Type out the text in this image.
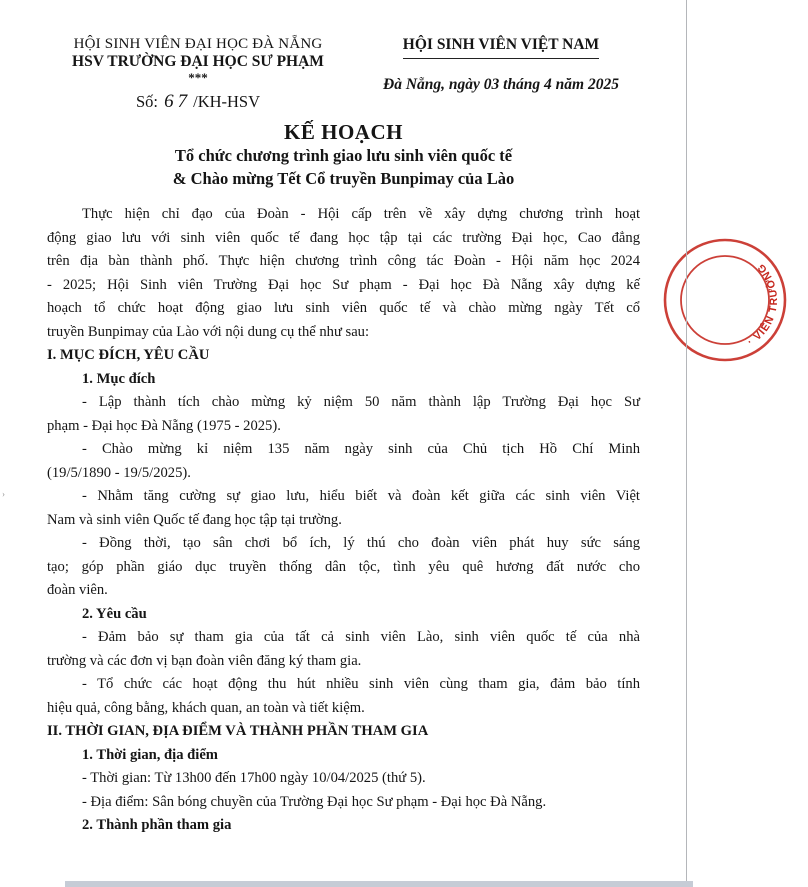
HỘI SINH VIÊN ĐẠI HỌC ĐÀ NẴNG
HSV TRƯỜNG ĐẠI HỌC SƯ PHẠM
***
Số: 67 /KH-HSV
HỘI SINH VIÊN VIỆT NAM
Đà Nẵng, ngày 03 tháng 4 năm 2025
KẾ HOẠCH
Tổ chức chương trình giao lưu sinh viên quốc tế
& Chào mừng Tết Cổ truyền Bunpimay của Lào
Thực hiện chỉ đạo của Đoàn - Hội cấp trên về xây dựng chương trình hoạt
động giao lưu với sinh viên quốc tế đang học tập tại các trường Đại học, Cao đẳng
trên địa bàn thành phố. Thực hiện chương trình công tác Đoàn - Hội năm học 2024
- 2025; Hội Sinh viên Trường Đại học Sư phạm - Đại học Đà Nẵng xây dựng kế
hoạch tổ chức hoạt động giao lưu sinh viên quốc tế và chào mừng ngày Tết cổ
truyền Bunpimay của Lào với nội dung cụ thể như sau:
I. MỤC ĐÍCH, YÊU CẦU
1. Mục đích
- Lập thành tích chào mừng kỷ niệm 50 năm thành lập Trường Đại học Sư
phạm - Đại học Đà Nẵng (1975 - 2025).
- Chào mừng kỉ niệm 135 năm ngày sinh của Chủ tịch Hồ Chí Minh
(19/5/1890 - 19/5/2025).
- Nhằm tăng cường sự giao lưu, hiểu biết và đoàn kết giữa các sinh viên Việt
Nam và sinh viên Quốc tế đang học tập tại trường.
- Đồng thời, tạo sân chơi bổ ích, lý thú cho đoàn viên phát huy sức sáng
tạo; góp phần giáo dục truyền thống dân tộc, tình yêu quê hương đất nước cho
đoàn viên.
2. Yêu cầu
- Đảm bảo sự tham gia của tất cả sinh viên Lào, sinh viên quốc tế của nhà
trường và các đơn vị bạn đoàn viên đăng ký tham gia.
- Tổ chức các hoạt động thu hút nhiều sinh viên cùng tham gia, đảm bảo tính
hiệu quả, công bằng, khách quan, an toàn và tiết kiệm.
II. THỜI GIAN, ĐỊA ĐIỂM VÀ THÀNH PHẦN THAM GIA
1. Thời gian, địa điểm
- Thời gian: Từ 13h00 đến 17h00 ngày 10/04/2025 (thứ 5).
- Địa điểm: Sân bóng chuyền của Trường Đại học Sư phạm - Đại học Đà Nẵng.
2. Thành phần tham gia
· VIÊN TRƯỜNG
›
